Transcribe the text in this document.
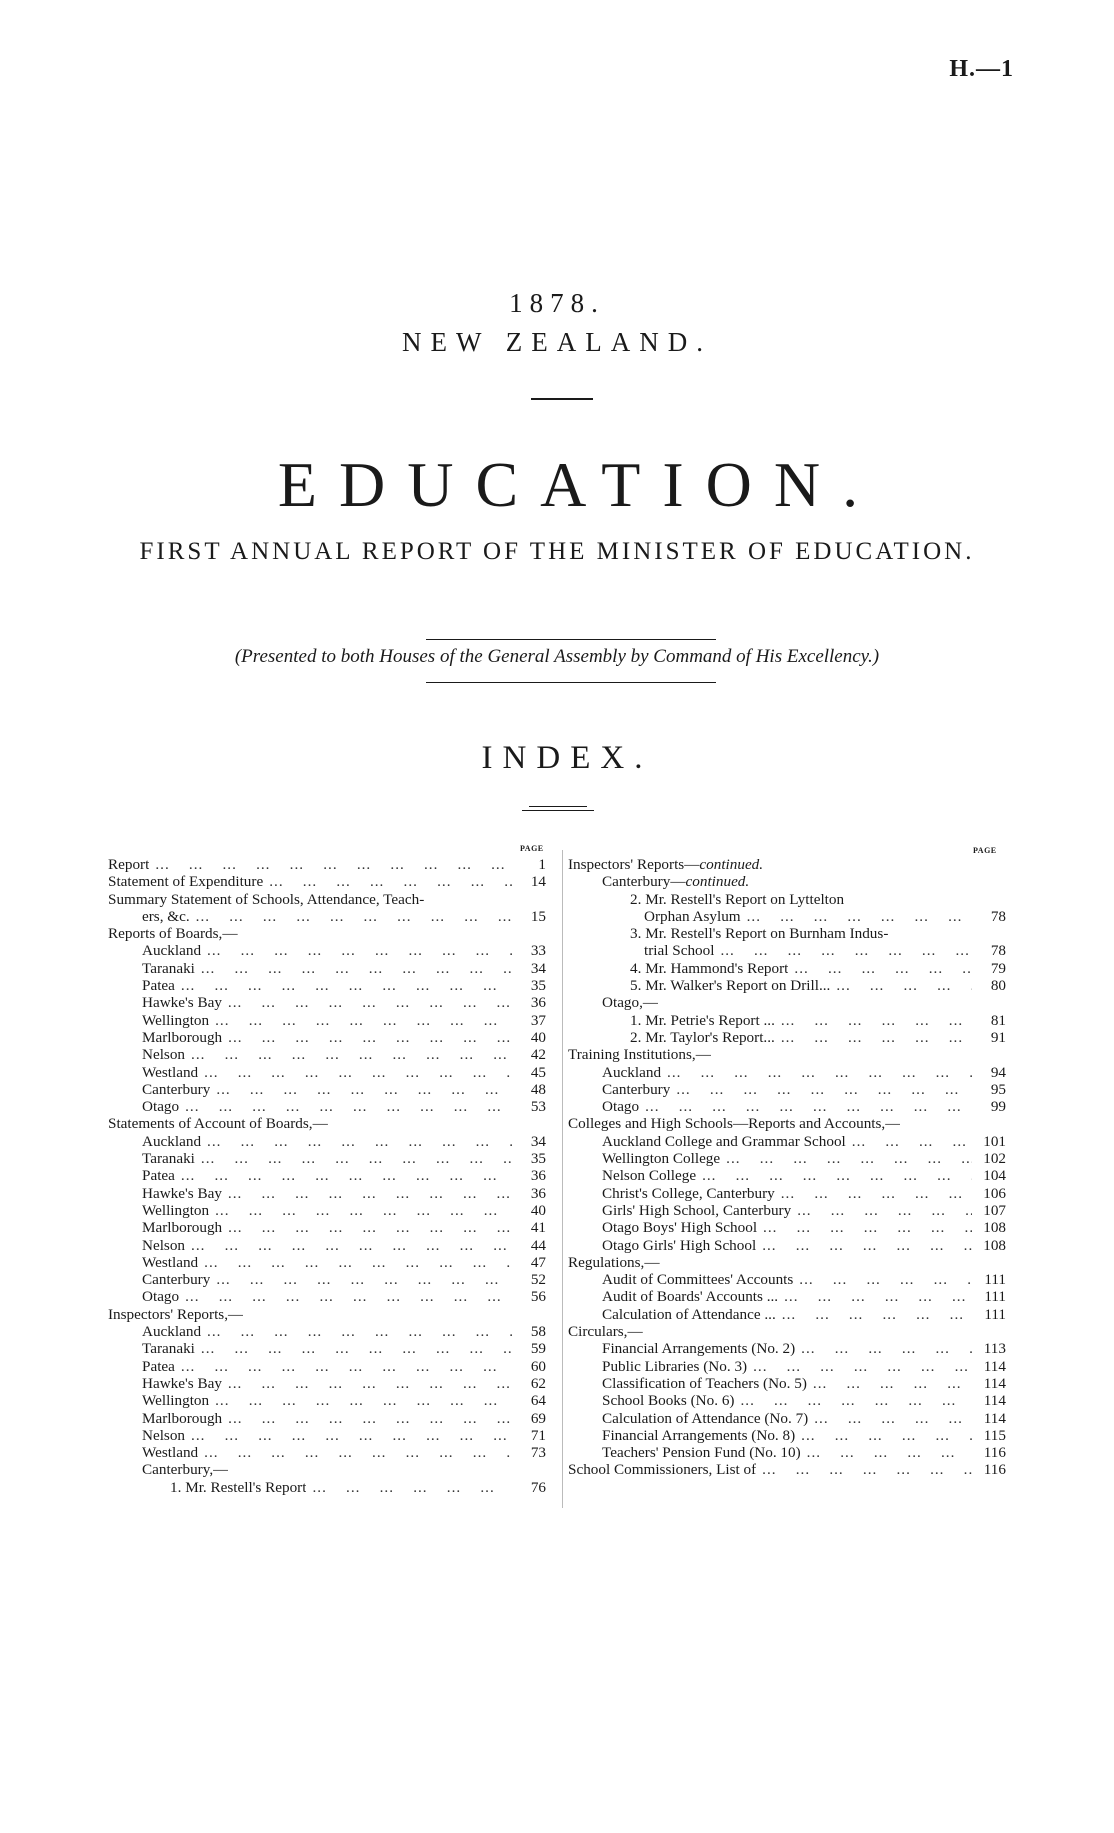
H.—1
1878.
NEW ZEALAND.
EDUCATION.
FIRST ANNUAL REPORT OF THE MINISTER OF EDUCATION.
(Presented to both Houses of the General Assembly by Command of His Excellency.)
INDEX.
PAGE	PAGE
Report ...	1
Statement of Expenditure ...	14
Summary Statement of Schools, Attendance, Teach-
ers, &c. ...	15
Reports of Boards,—
Auckland ...	33
Taranaki ...	34
Patea ...	35
Hawke's Bay ...	36
Wellington ...	37
Marlborough ...	40
Nelson ...	42
Westland ...	45
Canterbury ...	48
Otago ...	53
Statements of Account of Boards,—
Auckland ...	34
Taranaki ...	35
Patea ...	36
Hawke's Bay ...	36
Wellington ...	40
Marlborough ...	41
Nelson ...	44
Westland ...	47
Canterbury ...	52
Otago ...	56
Inspectors' Reports,—
Auckland ...	58
Taranaki ...	59
Patea ...	60
Hawke's Bay ...	62
Wellington ...	64
Marlborough ...	69
Nelson ...	71
Westland ...	73
Canterbury,—
1. Mr. Restell's Report ...	76
Inspectors' Reports—continued.
Canterbury—continued.
2. Mr. Restell's Report on Lyttelton
Orphan Asylum ...	78
3. Mr. Restell's Report on Burnham Indus-
trial School ...	78
4. Mr. Hammond's Report ...	79
5. Mr. Walker's Report on Drill... ...	80
Otago,—
1. Mr. Petrie's Report ... ...	81
2. Mr. Taylor's Report... ...	91
Training Institutions,—
Auckland ...	94
Canterbury ...	95
Otago ...	99
Colleges and High Schools—Reports and Accounts,—
Auckland College and Grammar School ...	101
Wellington College ...	102
Nelson College ...	104
Christ's College, Canterbury ...	106
Girls' High School, Canterbury ...	107
Otago Boys' High School ...	108
Otago Girls' High School ...	108
Regulations,—
Audit of Committees' Accounts ...	111
Audit of Boards' Accounts ... ...	111
Calculation of Attendance ... ...	111
Circulars,—
Financial Arrangements (No. 2) ...	113
Public Libraries (No. 3) ...	114
Classification of Teachers (No. 5) ...	114
School Books (No. 6) ...	114
Calculation of Attendance (No. 7) ...	114
Financial Arrangements (No. 8) ...	115
Teachers' Pension Fund (No. 10) ...	116
School Commissioners, List of ...	116
